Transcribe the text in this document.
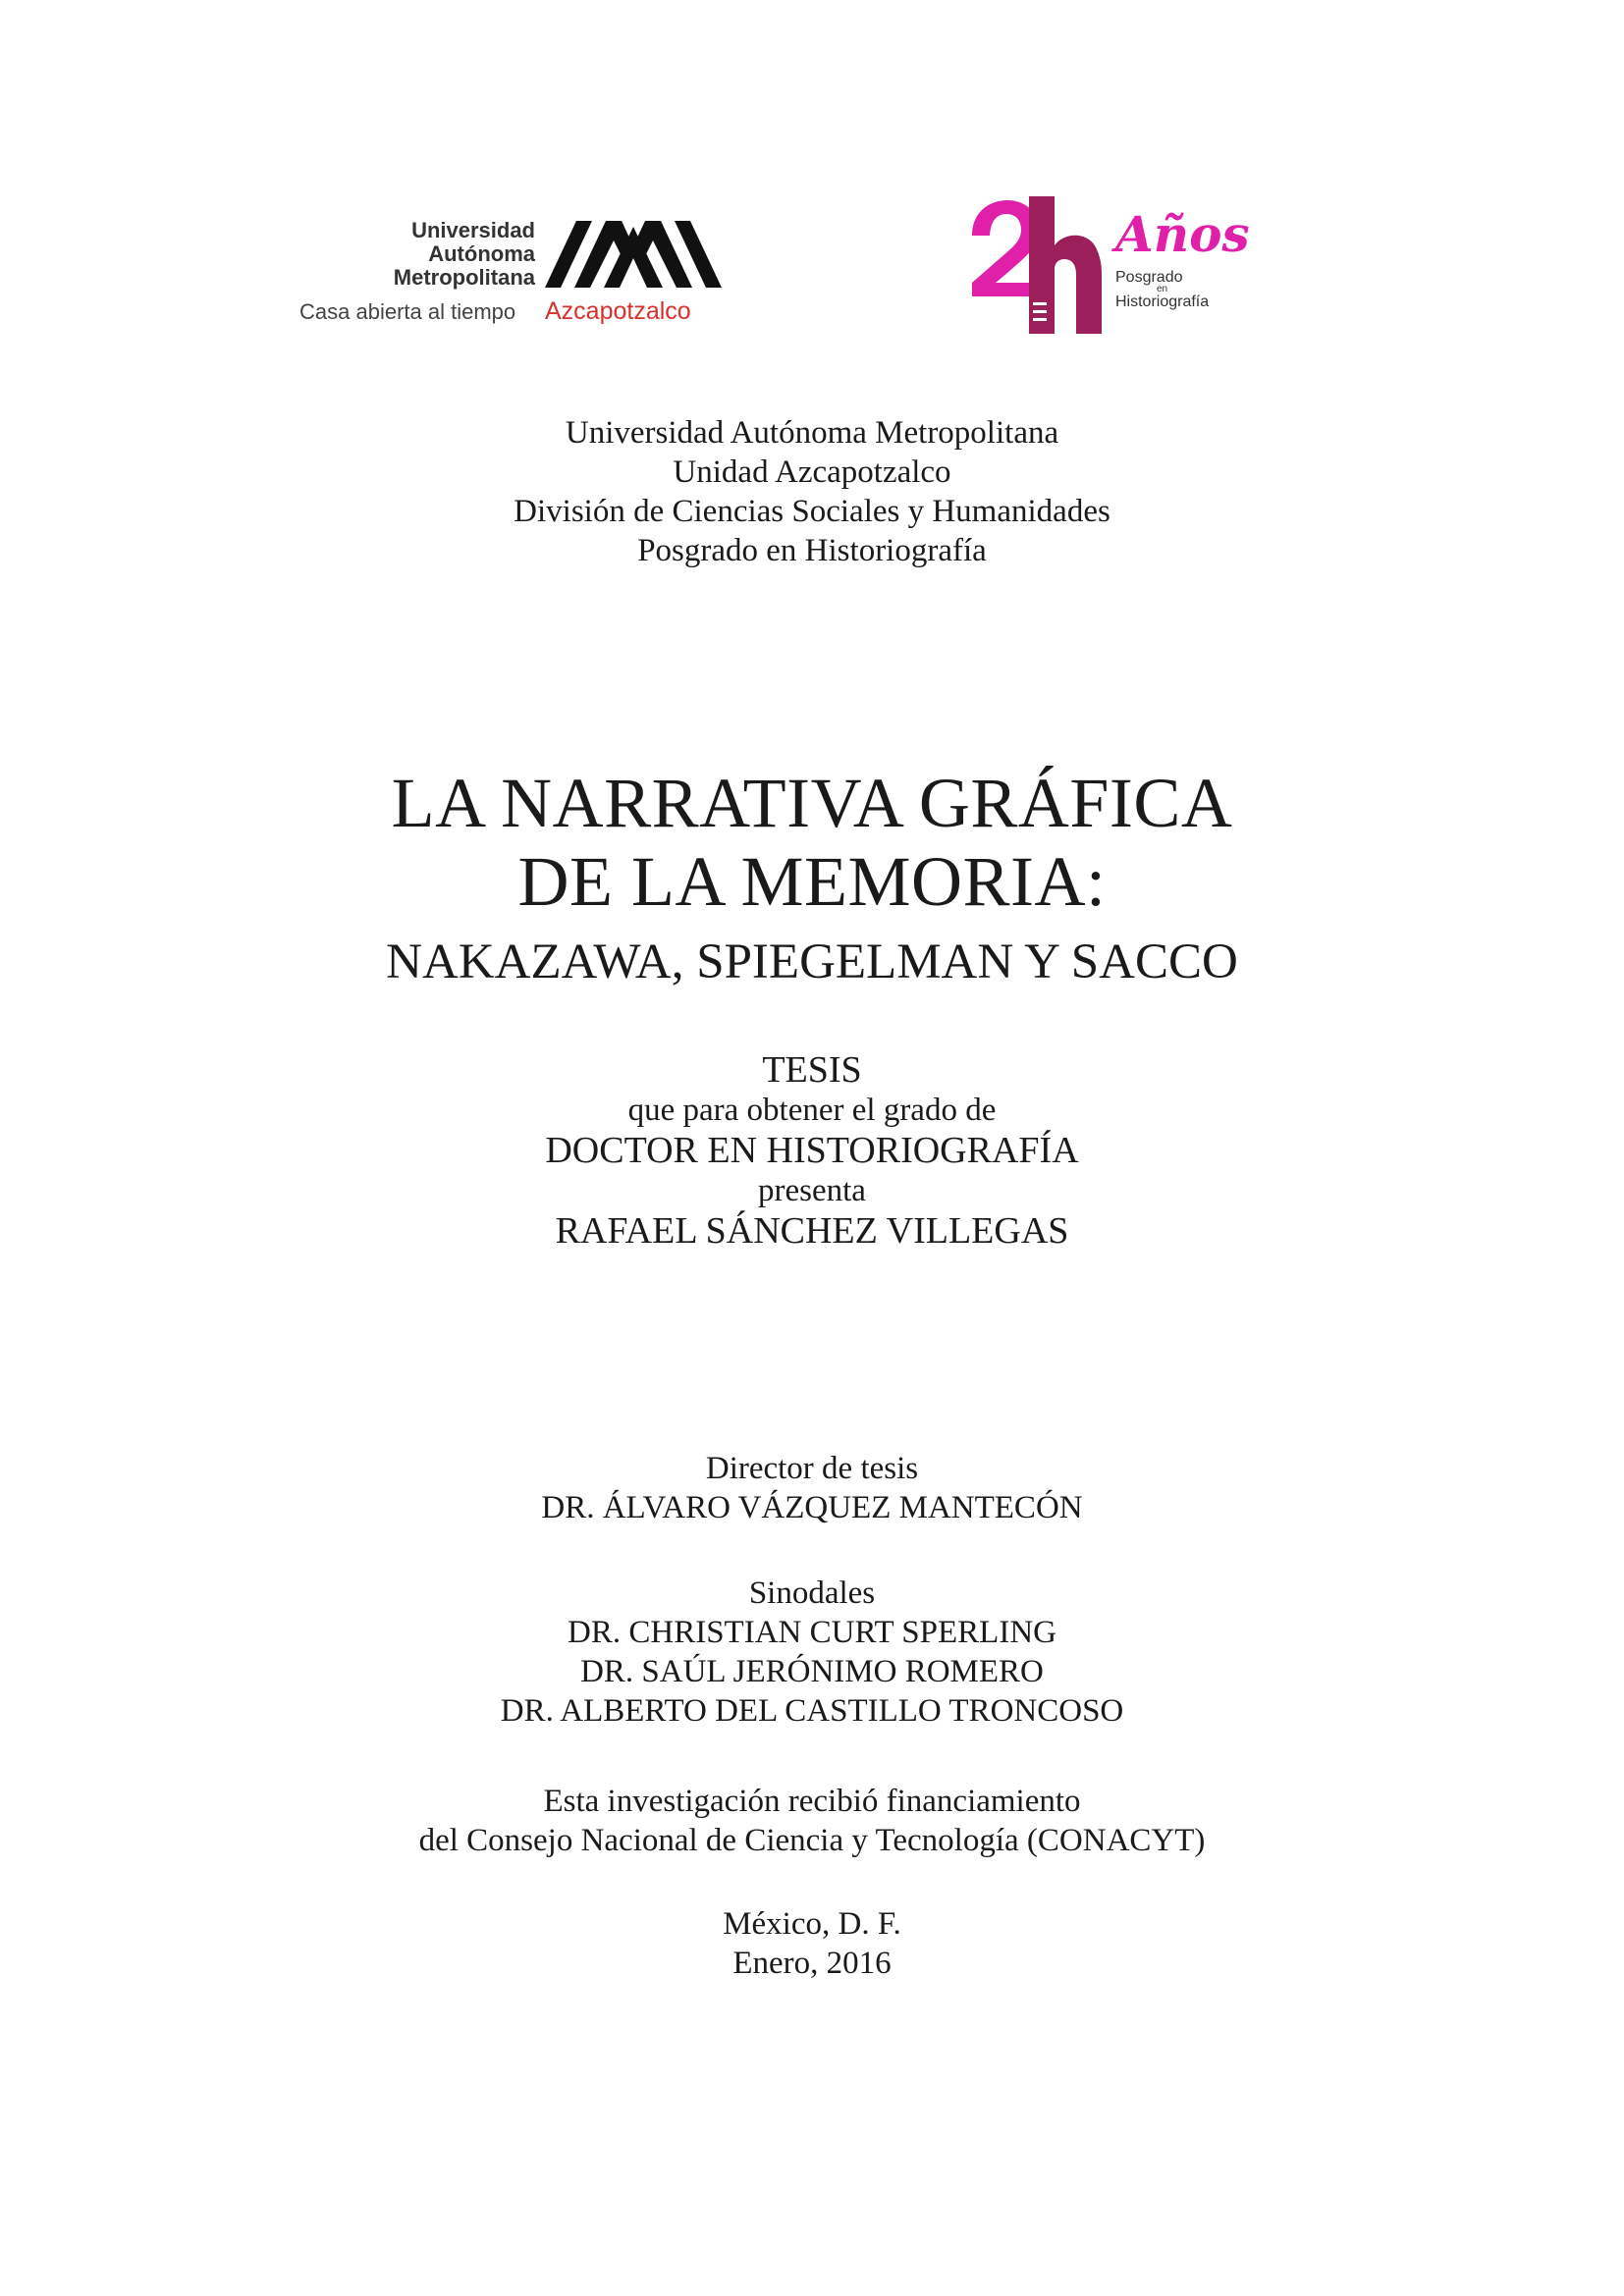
Universidad
Autónoma
Metropolitana
Casa abierta al tiempo Azcapotzalco
Años
Posgrado
en
Historiografía
Universidad Autónoma Metropolitana
Unidad Azcapotzalco
División de Ciencias Sociales y Humanidades
Posgrado en Historiografía
LA NARRATIVA GRÁFICA
DE LA MEMORIA:
NAKAZAWA, SPIEGELMAN Y SACCO
TESIS
que para obtener el grado de
DOCTOR EN HISTORIOGRAFÍA
presenta
RAFAEL SÁNCHEZ VILLEGAS
Director de tesis
DR. ÁLVARO VÁZQUEZ MANTECÓN
Sinodales
DR. CHRISTIAN CURT SPERLING
DR. SAÚL JERÓNIMO ROMERO
DR. ALBERTO DEL CASTILLO TRONCOSO
Esta investigación recibió financiamiento
del Consejo Nacional de Ciencia y Tecnología (CONACYT)
México, D. F.
Enero, 2016
